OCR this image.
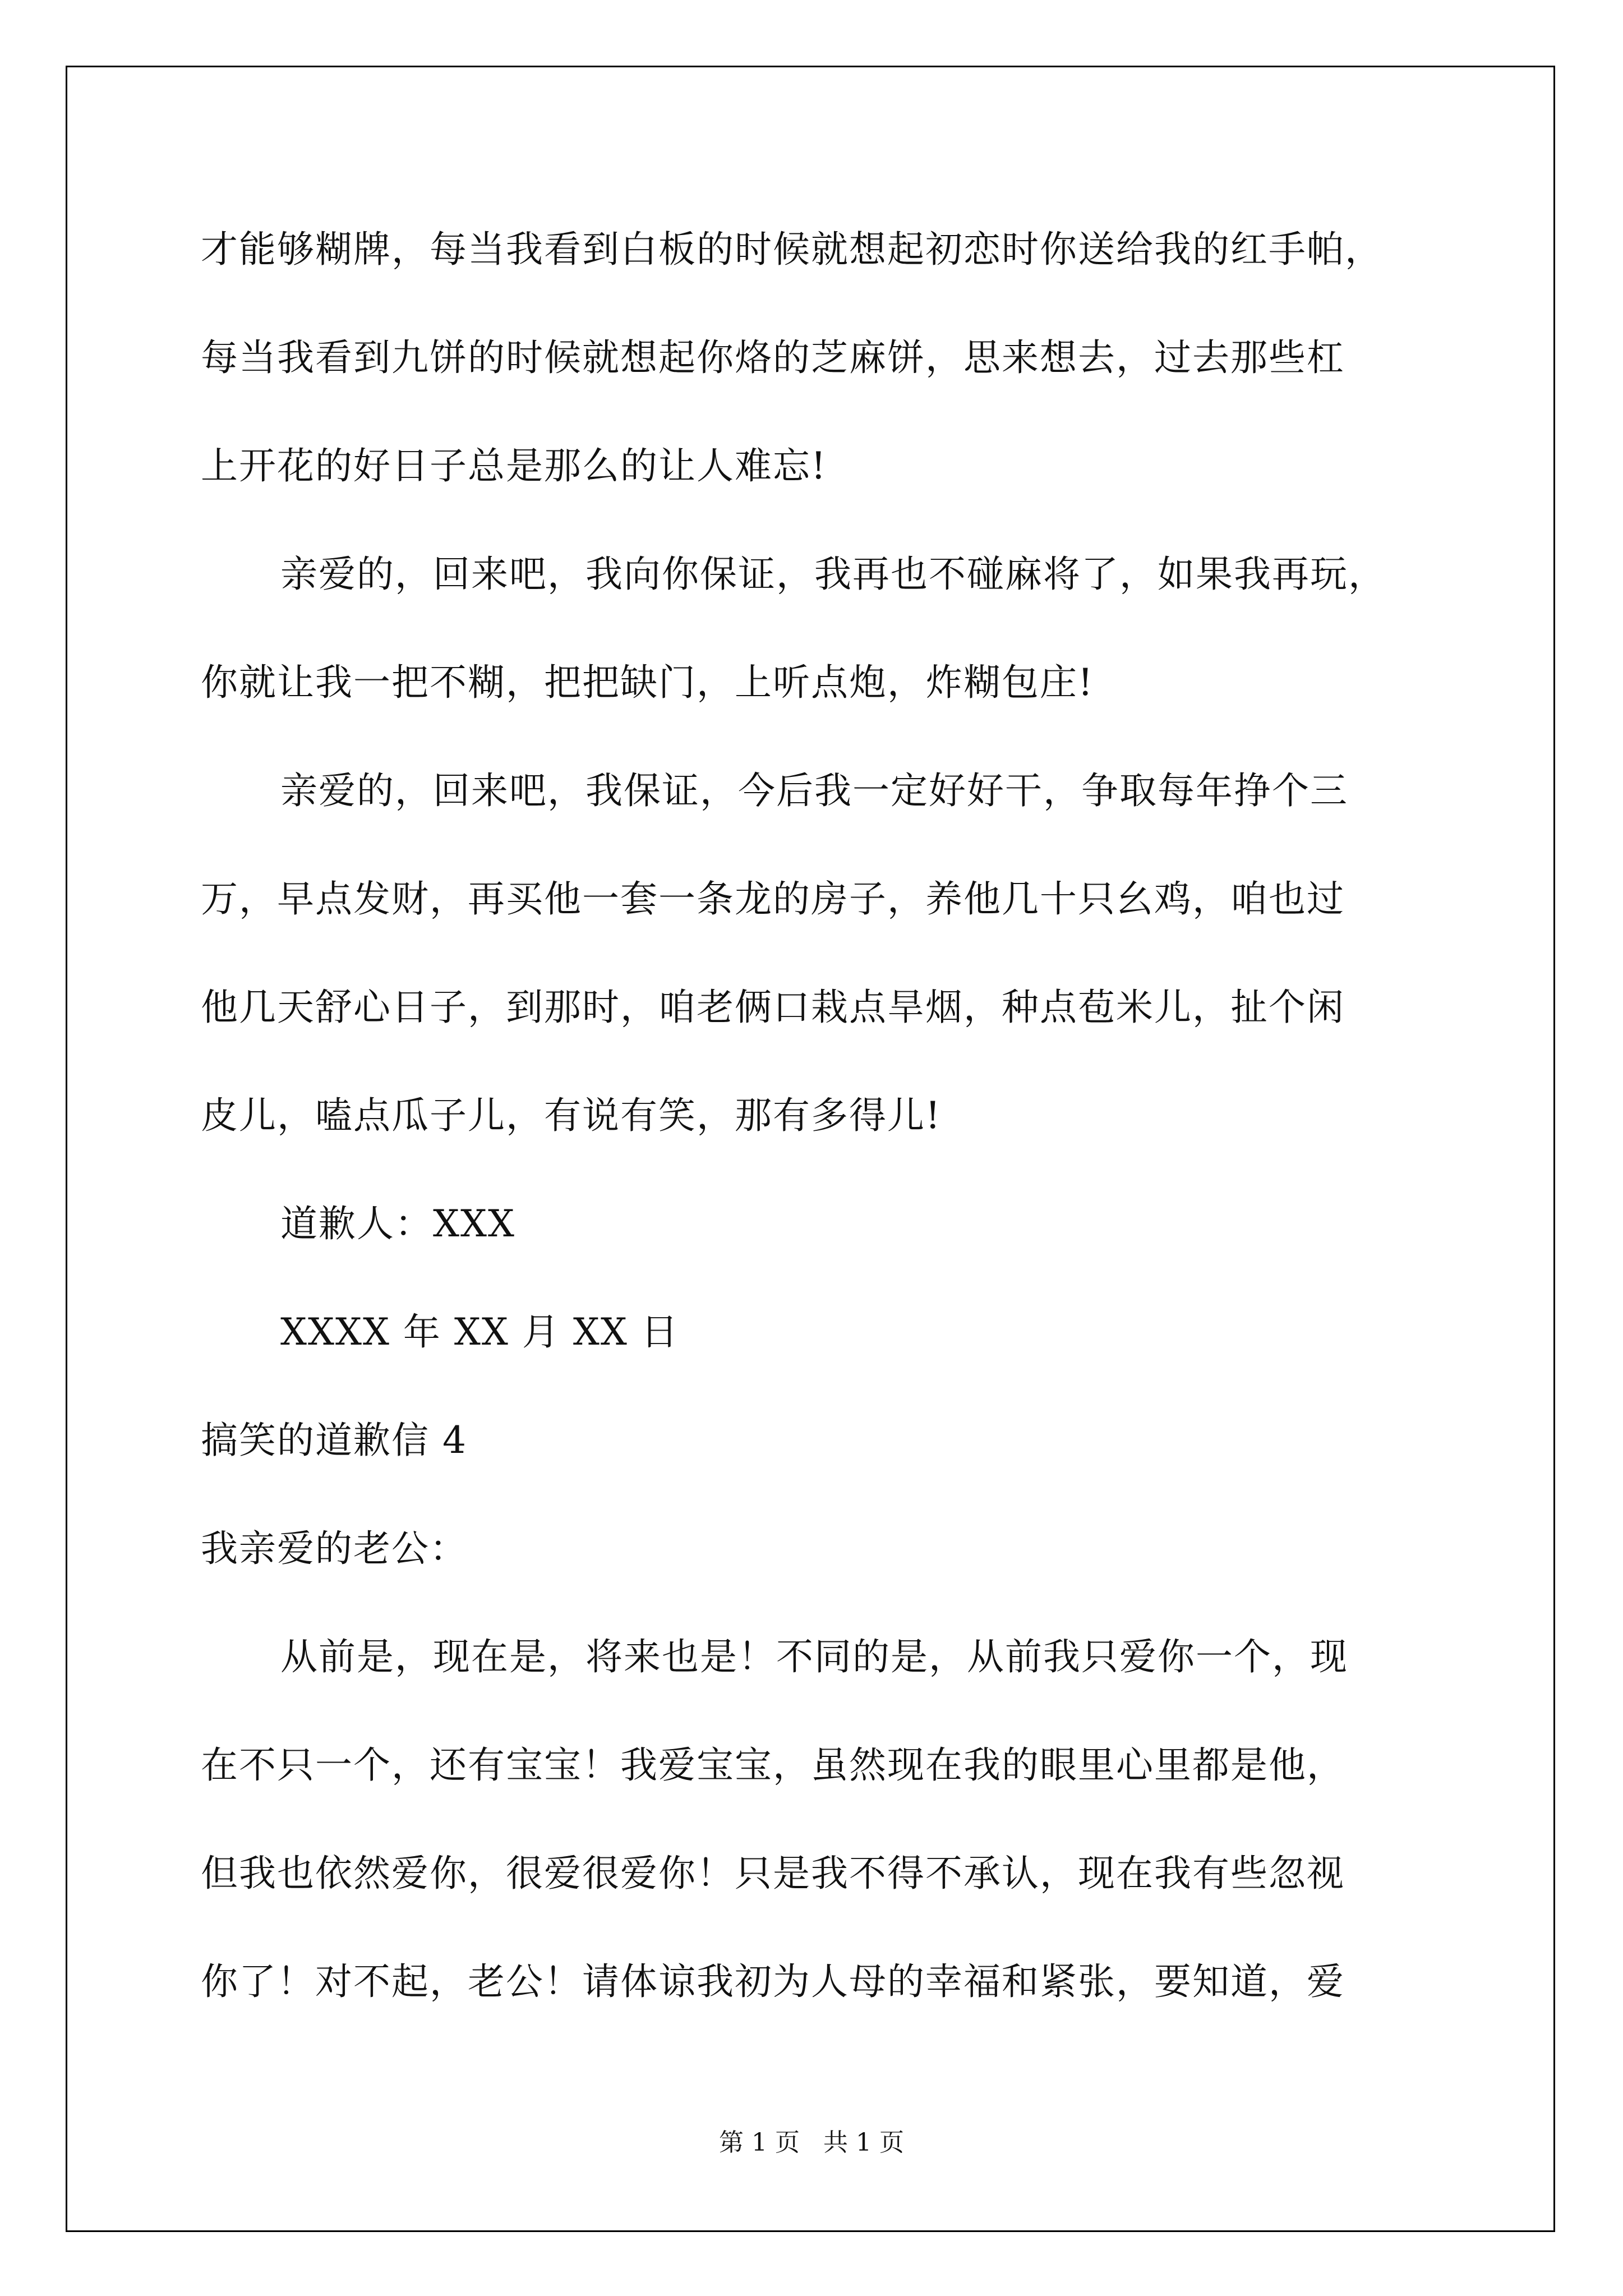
才能够糊牌，每当我看到白板的时候就想起初恋时你送给我的红手帕，
每当我看到九饼的时候就想起你烙的芝麻饼，思来想去，过去那些杠
上开花的好日子总是那么的让人难忘!
亲爱的，回来吧，我向你保证，我再也不碰麻将了，如果我再玩，
你就让我一把不糊，把把缺门，上听点炮，炸糊包庄!
亲爱的，回来吧，我保证，今后我一定好好干，争取每年挣个三
万，早点发财，再买他一套一条龙的房子，养他几十只幺鸡，咱也过
他几天舒心日子，到那时，咱老俩口栽点旱烟，种点苞米儿，扯个闲
皮儿，嗑点瓜子儿，有说有笑，那有多得儿!
道歉人：XXX
XXXX 年 XX 月 XX 日
搞笑的道歉信 4
我亲爱的老公：
从前是，现在是，将来也是！不同的是，从前我只爱你一个，现
在不只一个，还有宝宝！我爱宝宝，虽然现在我的眼里心里都是他，
但我也依然爱你，很爱很爱你！只是我不得不承认，现在我有些忽视
你了！对不起，老公！请体谅我初为人母的幸福和紧张，要知道，爱
第 1 页   共 1 页
